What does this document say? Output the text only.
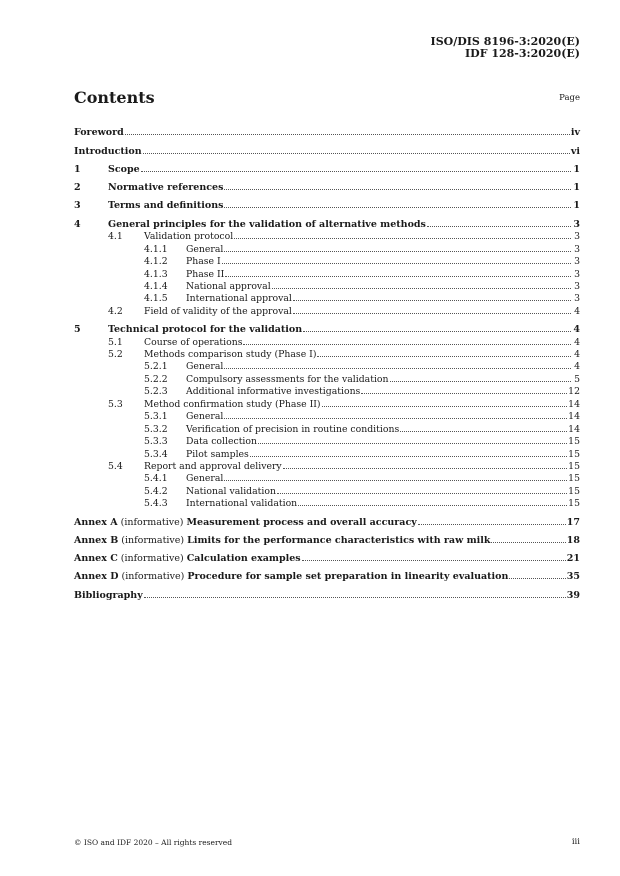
ISO/DIS 8196-3:2020(E)
IDF 128-3:2020(E)
Contents	Page
Foreword	iv
Introduction	vi
1	Scope	1
2	Normative references	1
3	Terms and definitions	1
4	General principles for the validation of alternative methods	3
4.1	Validation protocol	3
4.1.1	General	3
4.1.2	Phase I	3
4.1.3	Phase II	3
4.1.4	National approval	3
4.1.5	International approval	3
4.2	Field of validity of the approval	4
5	Technical protocol for the validation	4
5.1	Course of operations	4
5.2	Methods comparison study (Phase I)	4
5.2.1	General	4
5.2.2	Compulsory assessments for the validation	5
5.2.3	Additional informative investigations	12
5.3	Method confirmation study (Phase II)	14
5.3.1	General	14
5.3.2	Verification of precision in routine conditions	14
5.3.3	Data collection	15
5.3.4	Pilot samples	15
5.4	Report and approval delivery	15
5.4.1	General	15
5.4.2	National validation	15
5.4.3	International validation	15
Annex A (informative) Measurement process and overall accuracy	17
Annex B (informative) Limits for the performance characteristics with raw milk	18
Annex C (informative) Calculation examples	21
Annex D (informative) Procedure for sample set preparation in linearity evaluation	35
Bibliography	39
© ISO and IDF 2020 – All rights reserved	iii
